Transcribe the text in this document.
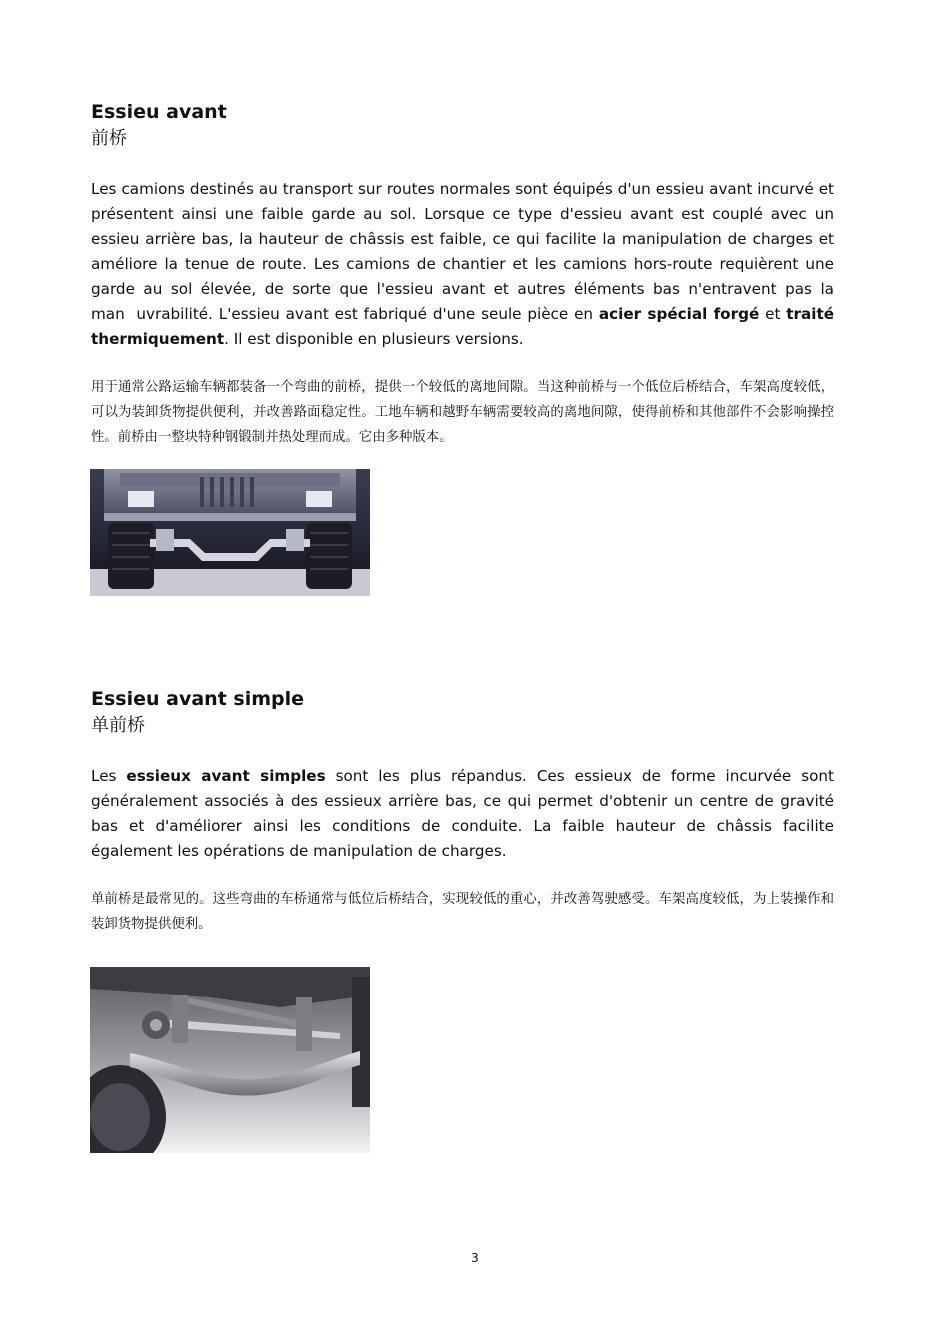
Essieu avant
前桥

Les camions destinés au transport sur routes normales sont équipés d'un essieu avant incurvé et présentent ainsi une faible garde au sol. Lorsque ce type d'essieu avant est couplé avec un essieu arrière bas, la hauteur de châssis est faible, ce qui facilite la manipulation de charges et améliore la tenue de route. Les camions de chantier et les camions hors-route requièrent une garde au sol élevée, de sorte que l'essieu avant et autres éléments bas n'entravent pas la man  uvrabilité. L'essieu avant est fabriqué d'une seule pièce en acier spécial forgé et traité thermiquement. Il est disponible en plusieurs versions.

用于通常公路运输车辆都装备一个弯曲的前桥，提供一个较低的离地间隙。当这种前桥与一个低位后桥结合，车架高度较低，可以为装卸货物提供便利，并改善路面稳定性。工地车辆和越野车辆需要较高的离地间隙，使得前桥和其他部件不会影响操控性。前桥由一整块特种钢锻制并热处理而成。它由多种版本。

Essieu avant simple
单前桥

Les essieux avant simples sont les plus répandus. Ces essieux de forme incurvée sont généralement associés à des essieux arrière bas, ce qui permet d'obtenir un centre de gravité bas et d'améliorer ainsi les conditions de conduite. La faible hauteur de châssis facilite également les opérations de manipulation de charges.

单前桥是最常见的。这些弯曲的车桥通常与低位后桥结合，实现较低的重心，并改善驾驶感受。车架高度较低，为上装操作和装卸货物提供便利。

3
